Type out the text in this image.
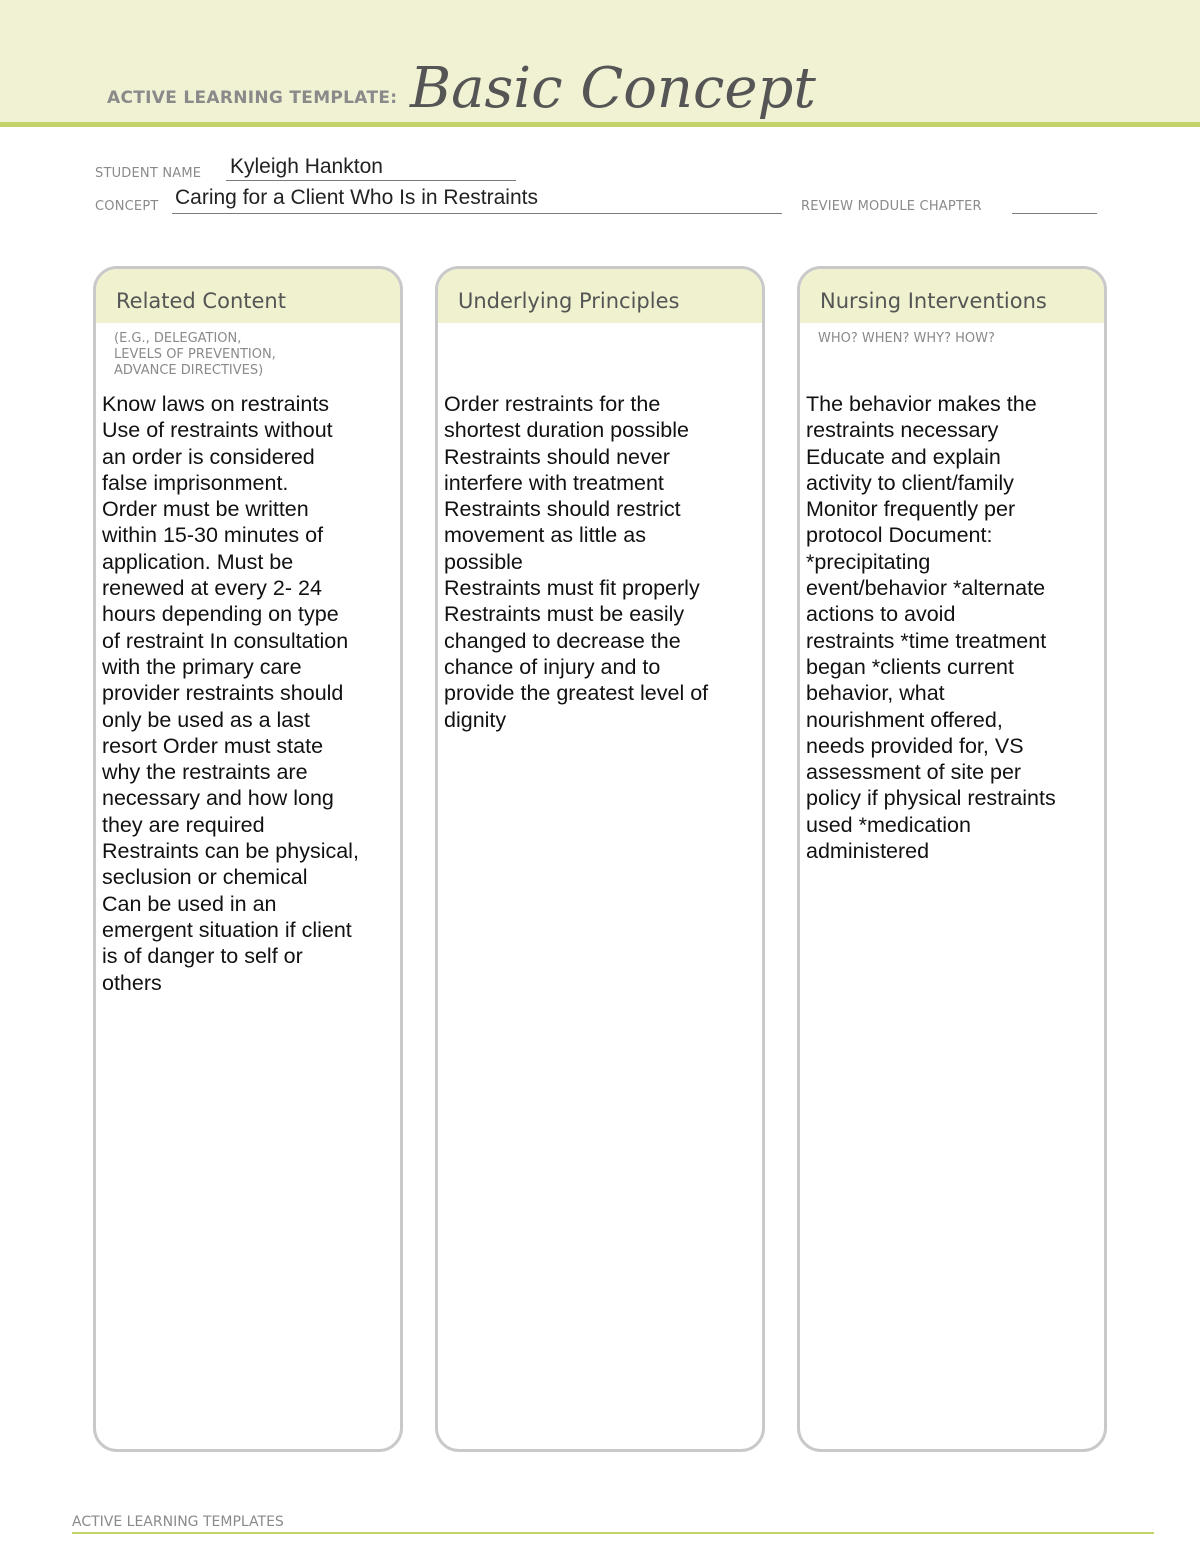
ACTIVE LEARNING TEMPLATE: Basic Concept
STUDENT NAME Kyleigh Hankton
CONCEPT Caring for a Client Who Is in Restraints	REVIEW MODULE CHAPTER
Related Content
(E.G., DELEGATION,
LEVELS OF PREVENTION,
ADVANCE DIRECTIVES)
Know laws on restraints
Use of restraints without
an order is considered
false imprisonment.
Order must be written
within 15-30 minutes of
application. Must be
renewed at every 2- 24
hours depending on type
of restraint In consultation
with the primary care
provider restraints should
only be used as a last
resort Order must state
why the restraints are
necessary and how long
they are required
Restraints can be physical,
seclusion or chemical
Can be used in an
emergent situation if client
is of danger to self or
others
Underlying Principles
Order restraints for the
shortest duration possible
Restraints should never
interfere with treatment
Restraints should restrict
movement as little as
possible
Restraints must fit properly
Restraints must be easily
changed to decrease the
chance of injury and to
provide the greatest level of
dignity
Nursing Interventions
WHO? WHEN? WHY? HOW?
The behavior makes the
restraints necessary
Educate and explain
activity to client/family
Monitor frequently per
protocol Document:
*precipitating
event/behavior *alternate
actions to avoid
restraints *time treatment
began *clients current
behavior, what
nourishment offered,
needs provided for, VS
assessment of site per
policy if physical restraints
used *medication
administered
ACTIVE LEARNING TEMPLATES
